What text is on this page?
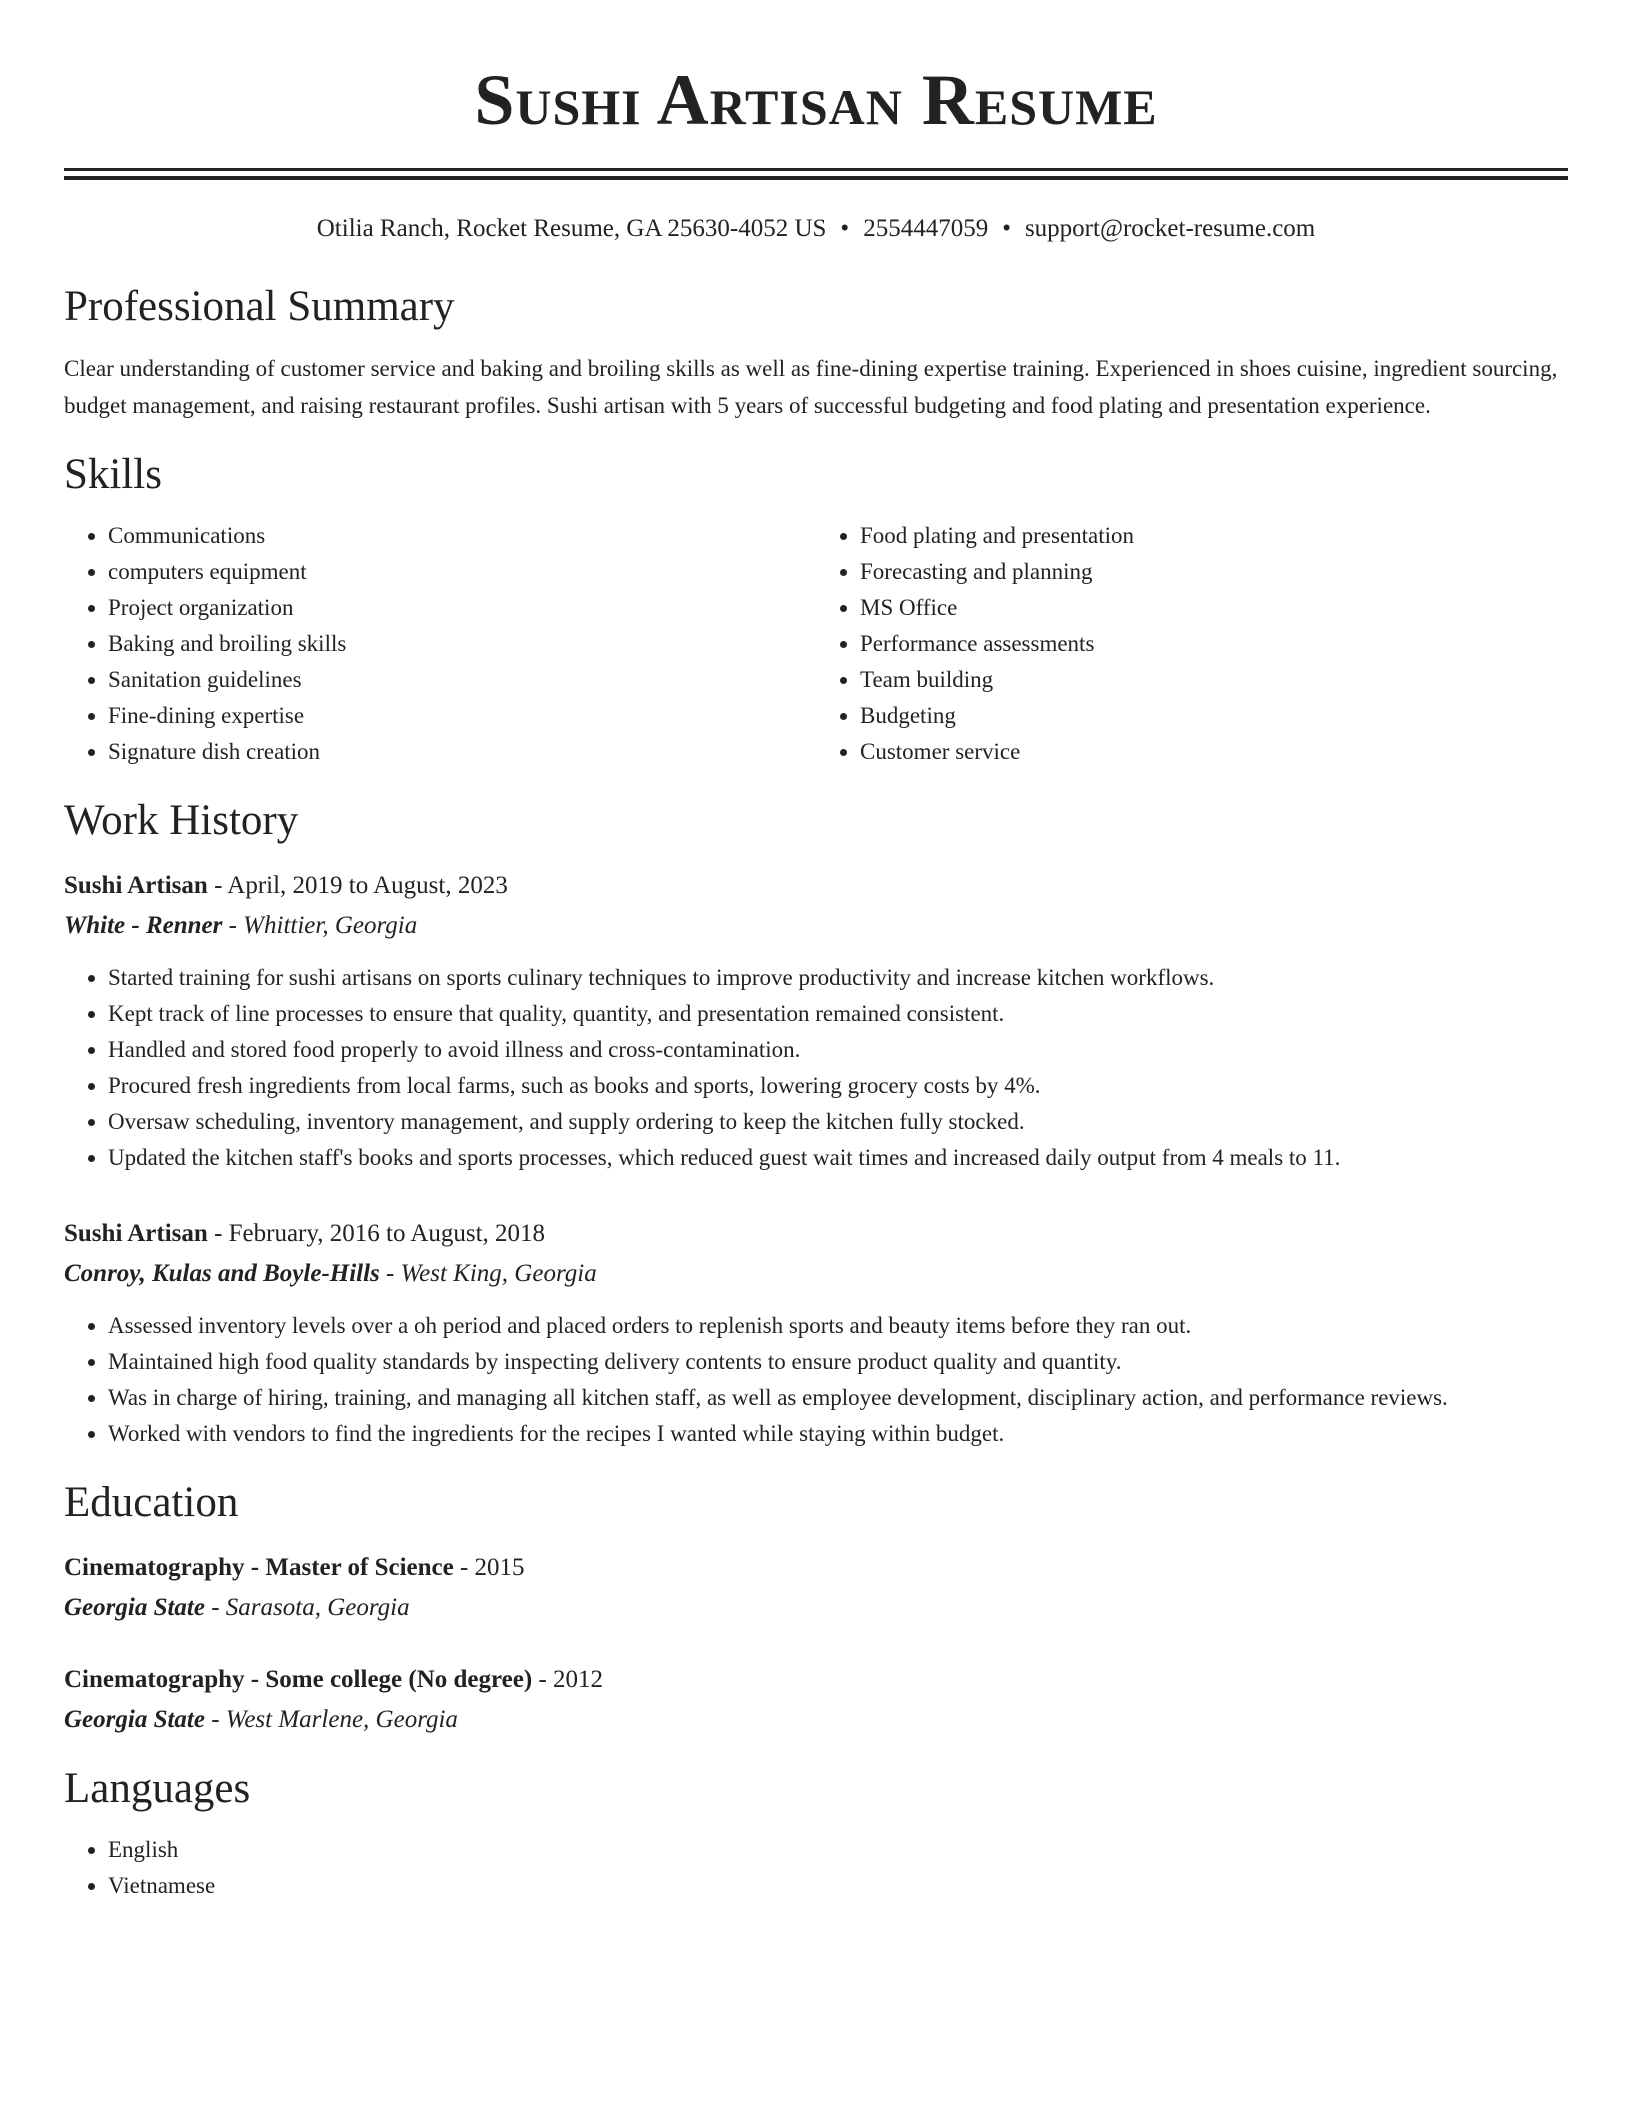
Sushi Artisan Resume
Otilia Ranch, Rocket Resume, GA 25630-4052 US • 2554447059 • support@rocket-resume.com
Professional Summary
Clear understanding of customer service and baking and broiling skills as well as fine-dining expertise training. Experienced in shoes cuisine, ingredient sourcing, budget management, and raising restaurant profiles. Sushi artisan with 5 years of successful budgeting and food plating and presentation experience.
Skills
• Communications
• computers equipment
• Project organization
• Baking and broiling skills
• Sanitation guidelines
• Fine-dining expertise
• Signature dish creation
• Food plating and presentation
• Forecasting and planning
• MS Office
• Performance assessments
• Team building
• Budgeting
• Customer service
Work History
Sushi Artisan - April, 2019 to August, 2023
White - Renner - Whittier, Georgia
• Started training for sushi artisans on sports culinary techniques to improve productivity and increase kitchen workflows.
• Kept track of line processes to ensure that quality, quantity, and presentation remained consistent.
• Handled and stored food properly to avoid illness and cross-contamination.
• Procured fresh ingredients from local farms, such as books and sports, lowering grocery costs by 4%.
• Oversaw scheduling, inventory management, and supply ordering to keep the kitchen fully stocked.
• Updated the kitchen staff's books and sports processes, which reduced guest wait times and increased daily output from 4 meals to 11.
Sushi Artisan - February, 2016 to August, 2018
Conroy, Kulas and Boyle-Hills - West King, Georgia
• Assessed inventory levels over a oh period and placed orders to replenish sports and beauty items before they ran out.
• Maintained high food quality standards by inspecting delivery contents to ensure product quality and quantity.
• Was in charge of hiring, training, and managing all kitchen staff, as well as employee development, disciplinary action, and performance reviews.
• Worked with vendors to find the ingredients for the recipes I wanted while staying within budget.
Education
Cinematography - Master of Science - 2015
Georgia State - Sarasota, Georgia
Cinematography - Some college (No degree) - 2012
Georgia State - West Marlene, Georgia
Languages
• English
• Vietnamese
